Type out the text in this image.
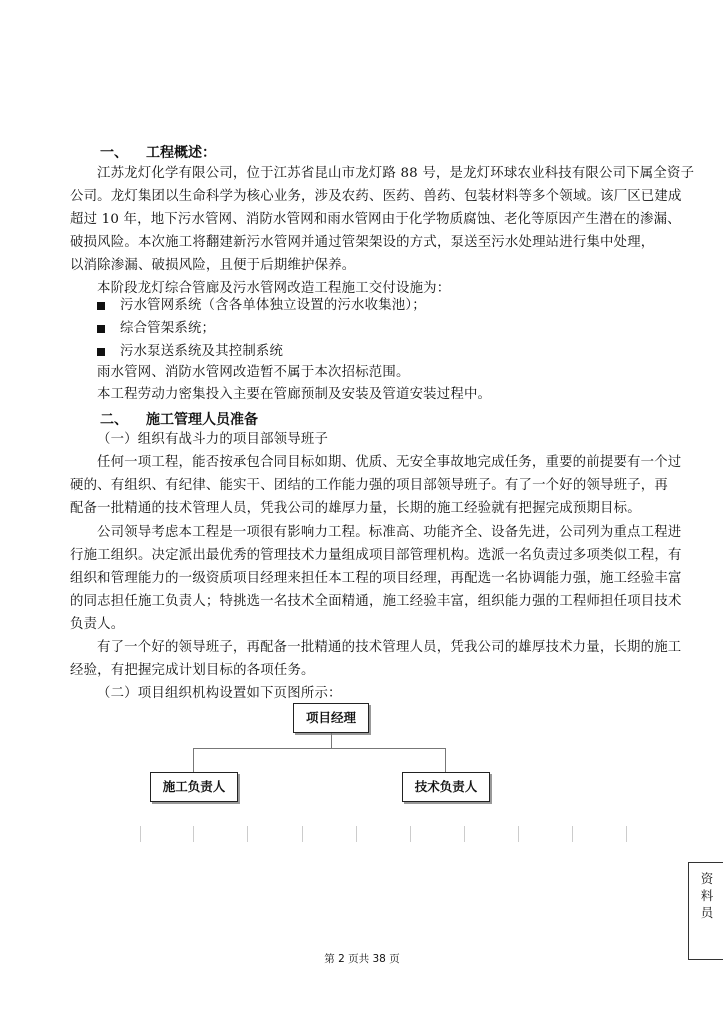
一、 工程概述：
江苏龙灯化学有限公司，位于江苏省昆山市龙灯路 88 号，是龙灯环球农业科技有限公司下属全资子
公司。龙灯集团以生命科学为核心业务，涉及农药、医药、兽药、包装材料等多个领域。该厂区已建成
超过 10 年，地下污水管网、消防水管网和雨水管网由于化学物质腐蚀、老化等原因产生潜在的渗漏、
破损风险。本次施工将翻建新污水管网并通过管架架设的方式，泵送至污水处理站进行集中处理，
以消除渗漏、破损风险，且便于后期维护保养。
本阶段龙灯综合管廊及污水管网改造工程施工交付设施为：
污水管网系统（含各单体独立设置的污水收集池）；
综合管架系统；
污水泵送系统及其控制系统
雨水管网、消防水管网改造暂不属于本次招标范围。
本工程劳动力密集投入主要在管廊预制及安装及管道安装过程中。
二、 施工管理人员准备
（一）组织有战斗力的项目部领导班子
任何一项工程，能否按承包合同目标如期、优质、无安全事故地完成任务，重要的前提要有一个过
硬的、有组织、有纪律、能实干、团结的工作能力强的项目部领导班子。有了一个好的领导班子，再
配备一批精通的技术管理人员，凭我公司的雄厚力量，长期的施工经验就有把握完成预期目标。
公司领导考虑本工程是一项很有影响力工程。标准高、功能齐全、设备先进，公司列为重点工程进
行施工组织。决定派出最优秀的管理技术力量组成项目部管理机构。选派一名负责过多项类似工程，有
组织和管理能力的一级资质项目经理来担任本工程的项目经理，再配选一名协调能力强，施工经验丰富
的同志担任施工负责人；特挑选一名技术全面精通，施工经验丰富，组织能力强的工程师担任项目技术
负责人。
有了一个好的领导班子，再配备一批精通的技术管理人员，凭我公司的雄厚技术力量，长期的施工
经验，有把握完成计划目标的各项任务。
（二）项目组织机构设置如下页图所示：
项目经理
施工负责人	技术负责人
资料员
第 2 页共 38 页
